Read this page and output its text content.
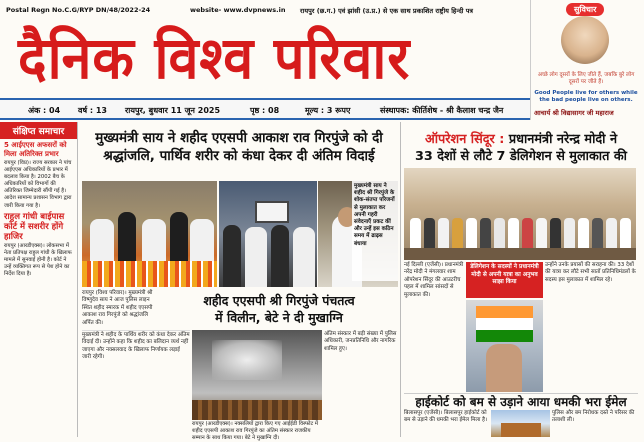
Postal Regn No.C.G/RYP DN/48/2022-24	website- www.dvpnews.in रायपुर (छ.ग.) एवं झांसी (उ.प्र.) से एक साथ प्रकाशित राष्ट्रीय हिन्दी पत्र
दैनिक विश्व परिवार
सुविचार
अच्छे लोग दूसरों के लिए जीते हैं, जबकि बुरे लोग दूसरों पर जीते हैं।
Good People live for others while the bad people live on others.
आचार्य श्री विद्यासागर जी महाराज
अंक : 04 वर्ष : 13 रायपुर, बुधवार 11 जून 2025	पृष्ठ : 08	मूल्य : 3 रूपए	संस्थापक: कीर्तिशेष - श्री कैलाश चन्द्र जैन
संक्षिप्त समाचार
5 आईएएस अफसरों को मिला अतिरिक्त प्रभार
रायपुर (विप्र)। राज्य सरकार ने पांच आईएएस अधिकारियों के प्रभार में बदलाव किया है। 2002 बैच के अधिकारियों को विभागों की अतिरिक्त जिम्मेदारी सौंपी गई है। आदेश सामान्य प्रशासन विभाग द्वारा जारी किया गया है।
राहुल गांधी बाईपास कोर्ट में सशरीर होंगे हाजिर
रायपुर (आरडीएक्स)। लोकसभा में नेता प्रतिपक्ष राहुल गांधी के खिलाफ मामले में सुनवाई होनी है। कोर्ट ने उन्हें व्यक्तिगत रूप से पेश होने का निर्देश दिया है।
मुख्यमंत्री साय ने शहीद एएसपी आकाश राव गिरपुंजे को दी
श्रद्धांजलि, पार्थिव शरीर को कंधा देकर दी अंतिम विदाई
मुख्यमंत्री साय ने शहीद श्री गिरपुंजे के शोक-संतप्त परिजनों से मुलाकात कर अपनी गहरी संवेदनाएँ प्रकट कीं और उन्हें इस कठिन समय में ढाढ़स बंधाया
रायपुर (विश्व परिवार)। मुख्यमंत्री श्री विष्णुदेव साय ने आज पुलिस लाइन स्थित शहीद स्मारक में शहीद एएसपी आकाश राव गिरपुंजे को श्रद्धांजलि अर्पित की।
शहीद एएसपी श्री गिरपुंजे पंचतत्व
में विलीन, बेटे ने दी मुखाग्नि
मुख्यमंत्री ने शहीद के पार्थिव शरीर को कंधा देकर अंतिम विदाई दी। उन्होंने कहा कि शहीद का बलिदान व्यर्थ नहीं जाएगा और नक्सलवाद के खिलाफ निर्णायक लड़ाई जारी रहेगी।
रायपुर (आरडीएक्स)। नक्सलियों द्वारा किए गए आईईडी विस्फोट में शहीद एएसपी आकाश राव गिरपुंजे का अंतिम संस्कार राजकीय सम्मान के साथ किया गया। बेटे ने मुखाग्नि दी।
अंतिम संस्कार में बड़ी संख्या में पुलिस अधिकारी, जनप्रतिनिधि और नागरिक शामिल हुए।
ऑपरेशन सिंदूर : प्रधानमंत्री नरेन्द्र मोदी ने
33 देशों से लौटे 7 डेलिगेशन से मुलाकात की
नई दिल्ली (एजेंसी)। प्रधानमंत्री नरेंद्र मोदी ने मंगलवार शाम ऑपरेशन सिंदूर की आउटरीच पहल में शामिल सांसदों से मुलाकात की।
डेलिगेशन के सदस्यों ने प्रधानमंत्री मोदी से अपनी यात्रा का अनुभव साझा किया
उन्होंने उनके प्रयासों की सराहना की। 33 देशों की यात्रा कर लौटे सभी सातों प्रतिनिधिमंडलों के सदस्य इस मुलाकात में शामिल रहे।
हाईकोर्ट को बम से उड़ाने आया धमकी भरा ईमेल
बिलासपुर (एजेंसी)। बिलासपुर हाईकोर्ट को बम से उड़ाने की धमकी भरा ईमेल मिला है।
पुलिस और बम निरोधक दस्ते ने परिसर की तलाशी ली।
